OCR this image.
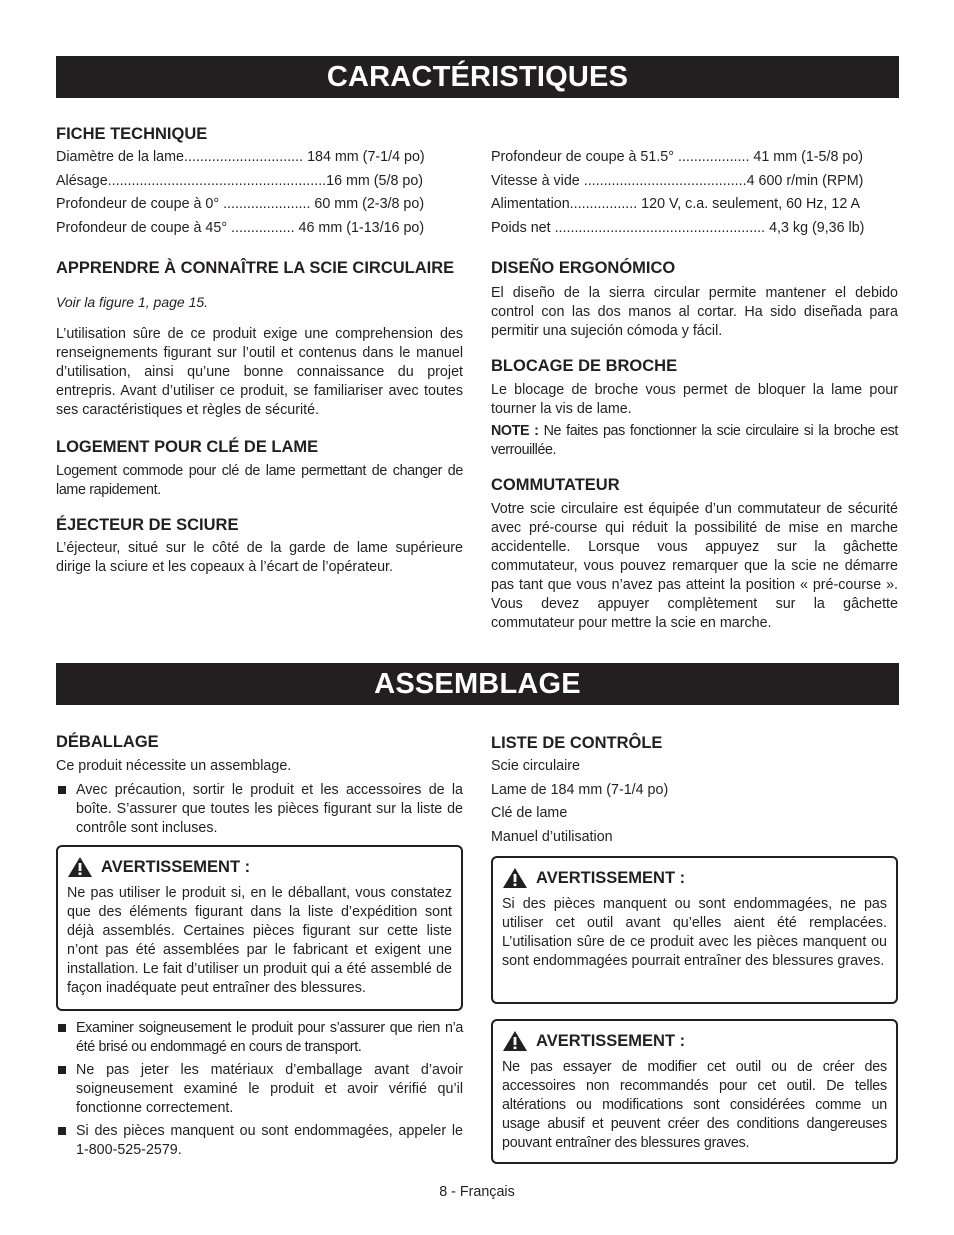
CARACTÉRISTIQUES

FICHE TECHNIQUE

Diamètre de la lame.............................. 184 mm (7-1/4 po)
Alésage.......................................................16 mm (5/8 po)
Profondeur de coupe à 0° ...................... 60 mm (2-3/8 po)
Profondeur de coupe à 45° ................ 46 mm (1-13/16 po)
Profondeur de coupe à 51.5° .................. 41 mm (1-5/8 po)
Vitesse à vide .........................................4 600 r/min (RPM)
Alimentation................. 120 V, c.a. seulement, 60 Hz, 12 A
Poids net ..................................................... 4,3 kg (9,36 lb)

APPRENDRE À CONNAÎTRE LA SCIE CIRCULAIRE

Voir la figure 1, page 15.

L’utilisation sûre de ce produit exige une comprehension des renseignements figurant sur l’outil et contenus dans le manuel d’utilisation, ainsi qu’une bonne connaissance du projet entrepris. Avant d’utiliser ce produit, se familiariser avec toutes ses caractéristiques et règles de sécurité.

LOGEMENT POUR CLÉ DE LAME

Logement commode pour clé de lame permettant de changer de lame rapidement.

ÉJECTEUR DE SCIURE

L’éjecteur, situé sur le côté de la garde de lame supérieure dirige la sciure et les copeaux à l’écart de l’opérateur.

DISEÑO ERGONÓMICO

El diseño de la sierra circular permite mantener el debido control con las dos manos al cortar. Ha sido diseñada para permitir una sujeción cómoda y fácil.

BLOCAGE DE BROCHE

Le blocage de broche vous permet de bloquer la lame pour tourner la vis de lame.

NOTE : Ne faites pas fonctionner la scie circulaire si la broche est verrouillée.

COMMUTATEUR

Votre scie circulaire est équipée d’un commutateur de sécurité avec pré-course qui réduit la possibilité de mise en marche accidentelle. Lorsque vous appuyez sur la gâchette commutateur, vous pouvez remarquer que la scie ne démarre pas tant que vous n’avez pas atteint la position « pré-course ». Vous devez appuyer complètement sur la gâchette commutateur pour mettre la scie en marche.

ASSEMBLAGE

DÉBALLAGE

Ce produit nécessite un assemblage.

Avec précaution, sortir le produit et les accessoires de la boîte. S’assurer que toutes les pièces figurant sur la liste de contrôle sont incluses.
AVERTISSEMENT :
Ne pas utiliser le produit si, en le déballant, vous constatez que des éléments figurant dans la liste d’expédition sont déjà assemblés. Certaines pièces figurant sur cette liste n’ont pas été assemblées par le fabricant et exigent une installation. Le fait d’utiliser un produit qui a été assemblé de façon inadéquate peut entraîner des blessures.
Examiner soigneusement le produit pour s’assurer que rien n’a été brisé ou endommagé en cours de transport.
Ne pas jeter les matériaux d’emballage avant d’avoir soigneusement examiné le produit et avoir vérifié qu’il fonctionne correctement.
Si des pièces manquent ou sont endommagées, appeler le 1-800-525-2579.

LISTE DE CONTRÔLE

Scie circulaire
Lame de 184 mm (7-1/4 po)
Clé de lame
Manuel d’utilisation
AVERTISSEMENT :
Si des pièces manquent ou sont endommagées, ne pas utiliser cet outil avant qu’elles aient été remplacées. L’utilisation sûre de ce produit avec les pièces manquent ou sont endommagées pourrait entraîner des blessures graves.
AVERTISSEMENT :
Ne pas essayer de modifier cet outil ou de créer des accessoires non recommandés pour cet outil. De telles altérations ou modifications sont considérées comme un usage abusif et peuvent créer des conditions dangereuses pouvant entraîner des blessures graves.
8 - Français
